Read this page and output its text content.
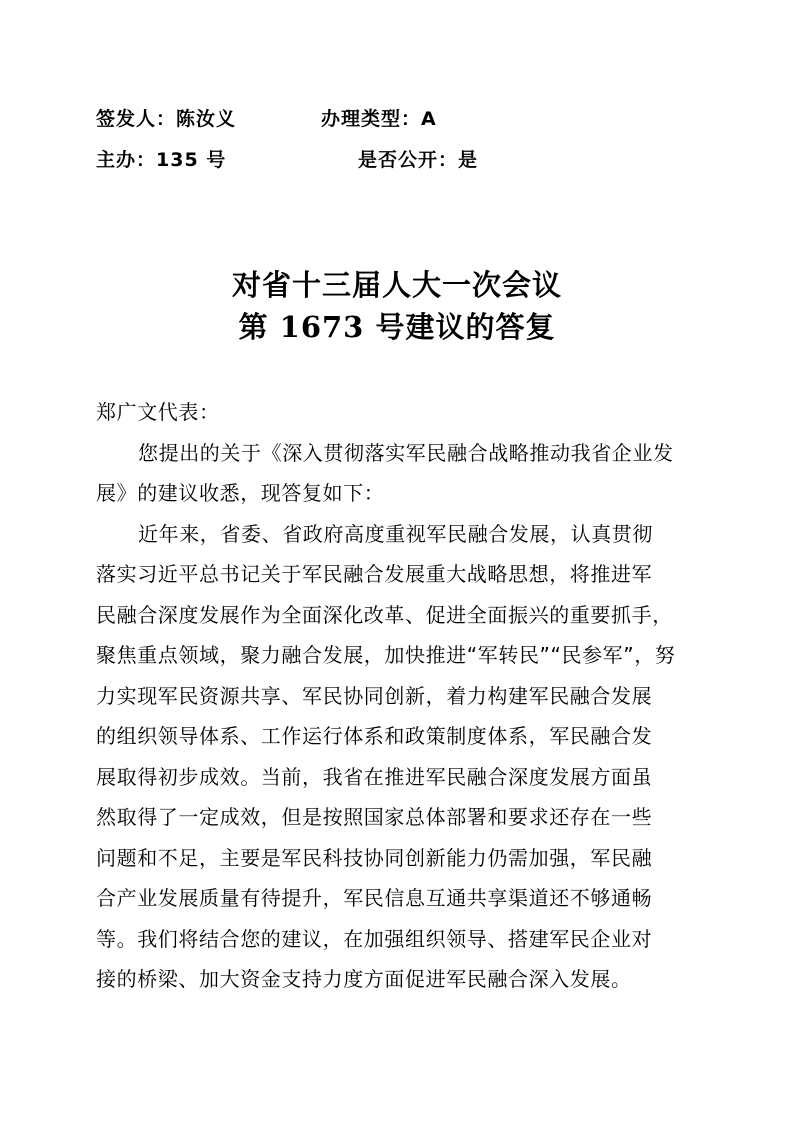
签发人：陈汝义	办理类型：A
主办：135 号	是否公开：是
对省十三届人大一次会议
第 1673 号建议的答复
郑广文代表：
您提出的关于《深入贯彻落实军民融合战略推动我省企业发
展》的建议收悉，现答复如下：
近年来，省委、省政府高度重视军民融合发展，认真贯彻
落实习近平总书记关于军民融合发展重大战略思想，将推进军
民融合深度发展作为全面深化改革、促进全面振兴的重要抓手，
聚焦重点领域，聚力融合发展，加快推进“军转民”“民参军”，努
力实现军民资源共享、军民协同创新，着力构建军民融合发展
的组织领导体系、工作运行体系和政策制度体系，军民融合发
展取得初步成效。当前，我省在推进军民融合深度发展方面虽
然取得了一定成效，但是按照国家总体部署和要求还存在一些
问题和不足，主要是军民科技协同创新能力仍需加强，军民融
合产业发展质量有待提升，军民信息互通共享渠道还不够通畅
等。我们将结合您的建议，在加强组织领导、搭建军民企业对
接的桥梁、加大资金支持力度方面促进军民融合深入发展。
